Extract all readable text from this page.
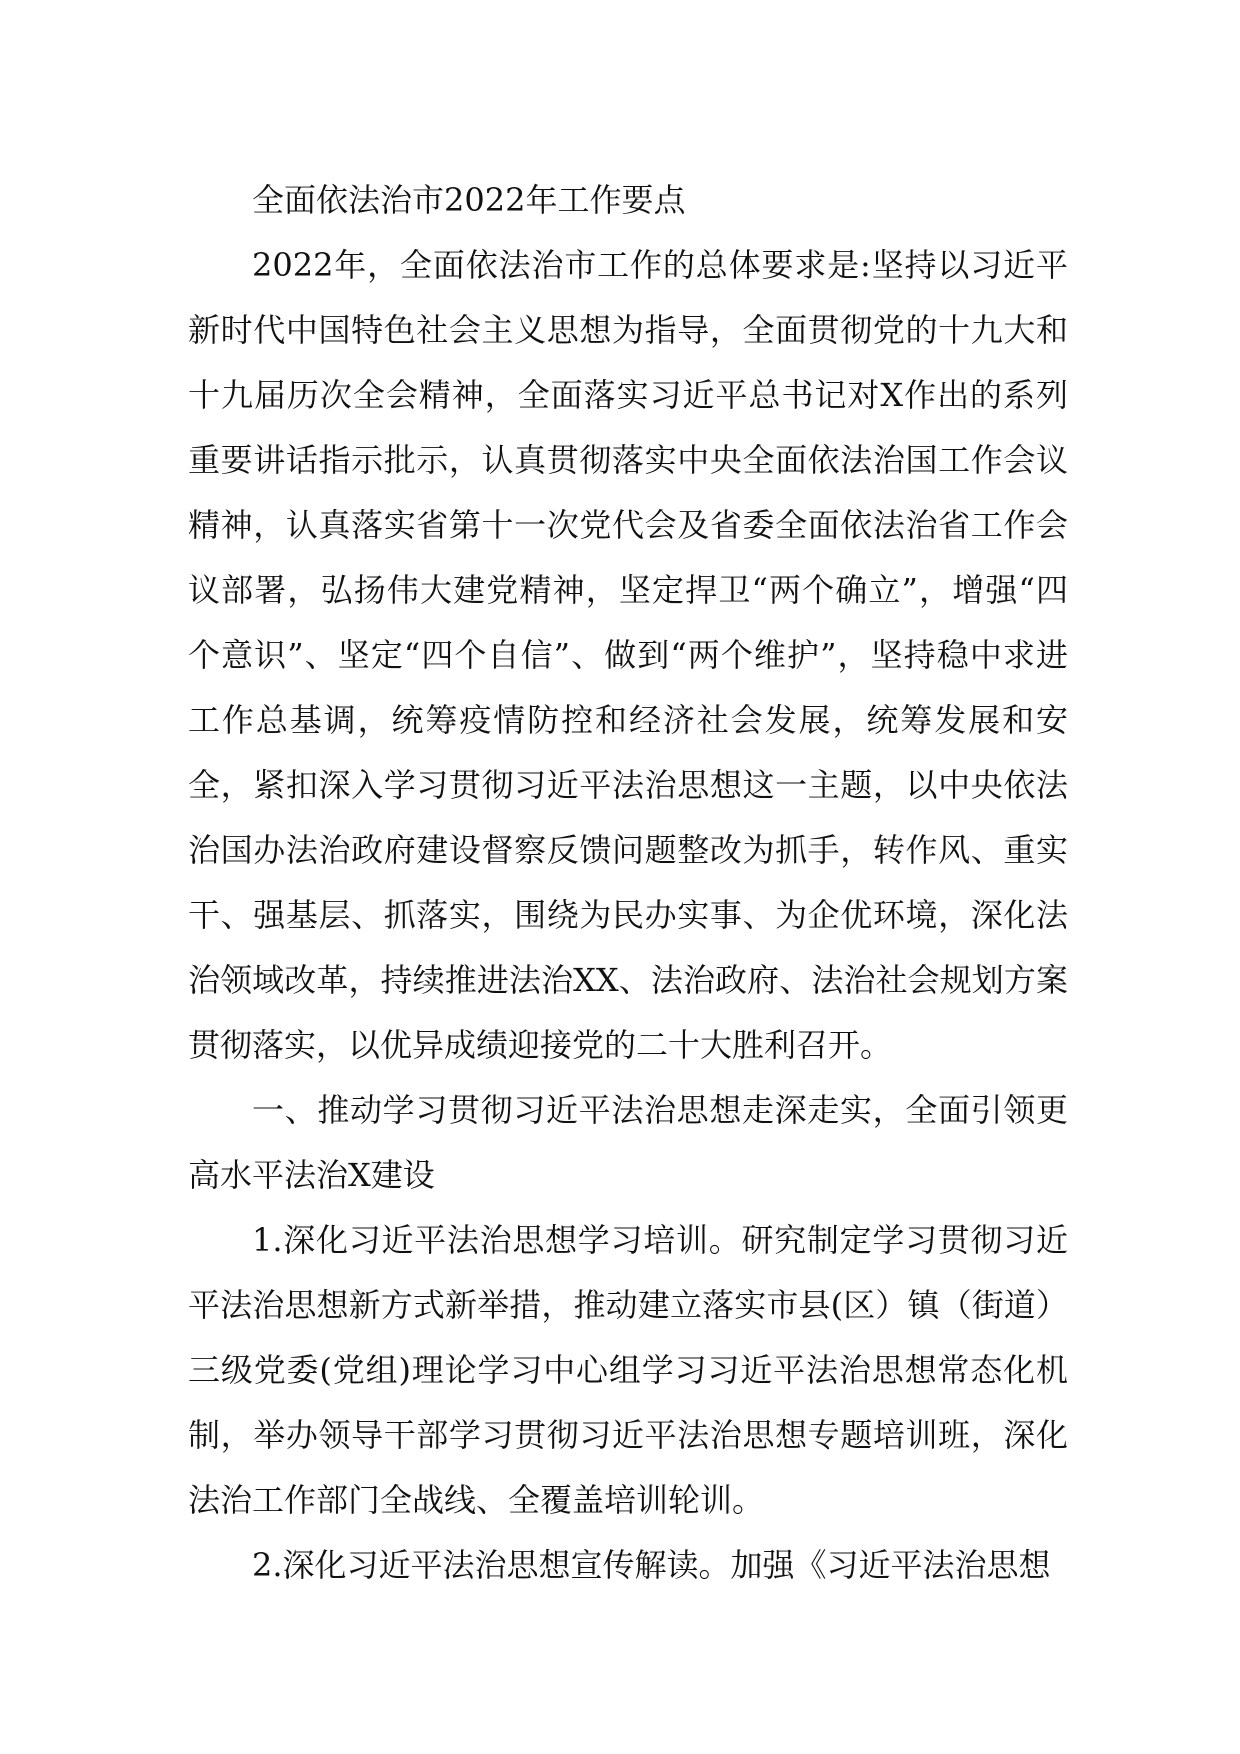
全面依法治市2022年工作要点

2022年，全面依法治市工作的总体要求是:坚持以习近平新时代中国特色社会主义思想为指导，全面贯彻党的十九大和十九届历次全会精神，全面落实习近平总书记对X作出的系列重要讲话指示批示，认真贯彻落实中央全面依法治国工作会议精神，认真落实省第十一次党代会及省委全面依法治省工作会议部署，弘扬伟大建党精神，坚定捍卫“两个确立”，增强“四个意识”、坚定“四个自信”、做到“两个维护”，坚持稳中求进工作总基调，统筹疫情防控和经济社会发展，统筹发展和安全，紧扣深入学习贯彻习近平法治思想这一主题，以中央依法治国办法治政府建设督察反馈问题整改为抓手，转作风、重实干、强基层、抓落实，围绕为民办实事、为企优环境，深化法治领域改革，持续推进法治XX、法治政府、法治社会规划方案贯彻落实，以优异成绩迎接党的二十大胜利召开。

一、推动学习贯彻习近平法治思想走深走实，全面引领更高水平法治X建设

1.深化习近平法治思想学习培训。研究制定学习贯彻习近平法治思想新方式新举措，推动建立落实市县(区）镇（街道）三级党委(党组)理论学习中心组学习习近平法治思想常态化机制，举办领导干部学习贯彻习近平法治思想专题培训班，深化法治工作部门全战线、全覆盖培训轮训。

2.深化习近平法治思想宣传解读。加强《习近平法治思想
